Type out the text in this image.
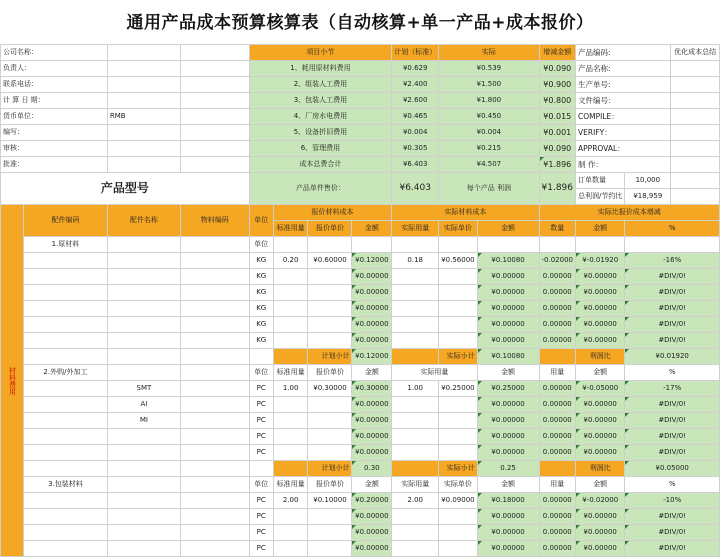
通用产品成本预算核算表（自动核算+单一产品+成本报价）
公司名称：				项目小节				计划（标准）	实际		增减金额	产品编码:		优化成本总结
负责人：				1、耗用原材料费用				¥0.629	¥0.539		¥0.090	产品名称:		
联系电话：				2、组装人工费用				¥2.400	¥1.500		¥0.900	生产单号:		
计 算 日 期：				3、包装人工费用				¥2.600	¥1.800		¥0.800	文件编号：		
货币单位：		RMB		4、厂房水电费用				¥0.465	¥0.450		¥0.015	COMPILE：		
编写：				5、设备折旧费用				¥0.004	¥0.004		¥0.001	VERIFY：		
审核：				6、管理费用				¥0.305	¥0.215		¥0.090	APPROVAL：		
批准：				成本总费合计				¥6.403	¥4.507		¥1.896	制 作：		
产品型号				产品单件售价：				¥6.403	每个产品 利润		¥1.896	订单数量	10,000	
												总利润/节约比	¥18,959	
材料费用	配件编码	配件名称	物料编码	单位	报价材料成本			实际材料成本			实际比报价成本增减			
					标准用量	报价单价	金额	实际用量	实际单价	金额	数量	金额	%	
	1.原材料			单位										
				KG	0.20	¥0.60000	¥0.12000	0.18	¥0.56000	¥0.10080	-0.02000	¥-0.01920	-16%	
				KG			¥0.00000			¥0.00000	0.00000	¥0.00000	#DIV/0!	
				KG			¥0.00000			¥0.00000	0.00000	¥0.00000	#DIV/0!	
				KG			¥0.00000			¥0.00000	0.00000	¥0.00000	#DIV/0!	
				KG			¥0.00000			¥0.00000	0.00000	¥0.00000	#DIV/0!	
				KG			¥0.00000			¥0.00000	0.00000	¥0.00000	#DIV/0!	
						计划小计	¥0.12000		实际小计	¥0.10080		利润比	¥0.01920	
	2.外购/外加工			单位	标准用量	报价单价	金额	实际用量		金额	用量	金额	%	
		SMT		PC	1.00	¥0.30000	¥0.30000	1.00	¥0.25000	¥0.25000	0.00000	¥-0.05000	-17%	
		AI		PC			¥0.00000			¥0.00000	0.00000	¥0.00000	#DIV/0!	
		MI		PC			¥0.00000			¥0.00000	0.00000	¥0.00000	#DIV/0!	
				PC			¥0.00000			¥0.00000	0.00000	¥0.00000	#DIV/0!	
				PC			¥0.00000			¥0.00000	0.00000	¥0.00000	#DIV/0!	
						计划小计	0.30		实际小计	0.25		利润比	¥0.05000	
	3.包装材料			单位	标准用量	报价单价	金额	实际用量	实际单价	金额	用量	金额	%	
				PC	2.00	¥0.10000	¥0.20000	2.00	¥0.09000	¥0.18000	0.00000	¥-0.02000	-10%	
				PC			¥0.00000			¥0.00000	0.00000	¥0.00000	#DIV/0!	
				PC			¥0.00000			¥0.00000	0.00000	¥0.00000	#DIV/0!	
				PC			¥0.00000			¥0.00000	0.00000	¥0.00000	#DIV/0!	
